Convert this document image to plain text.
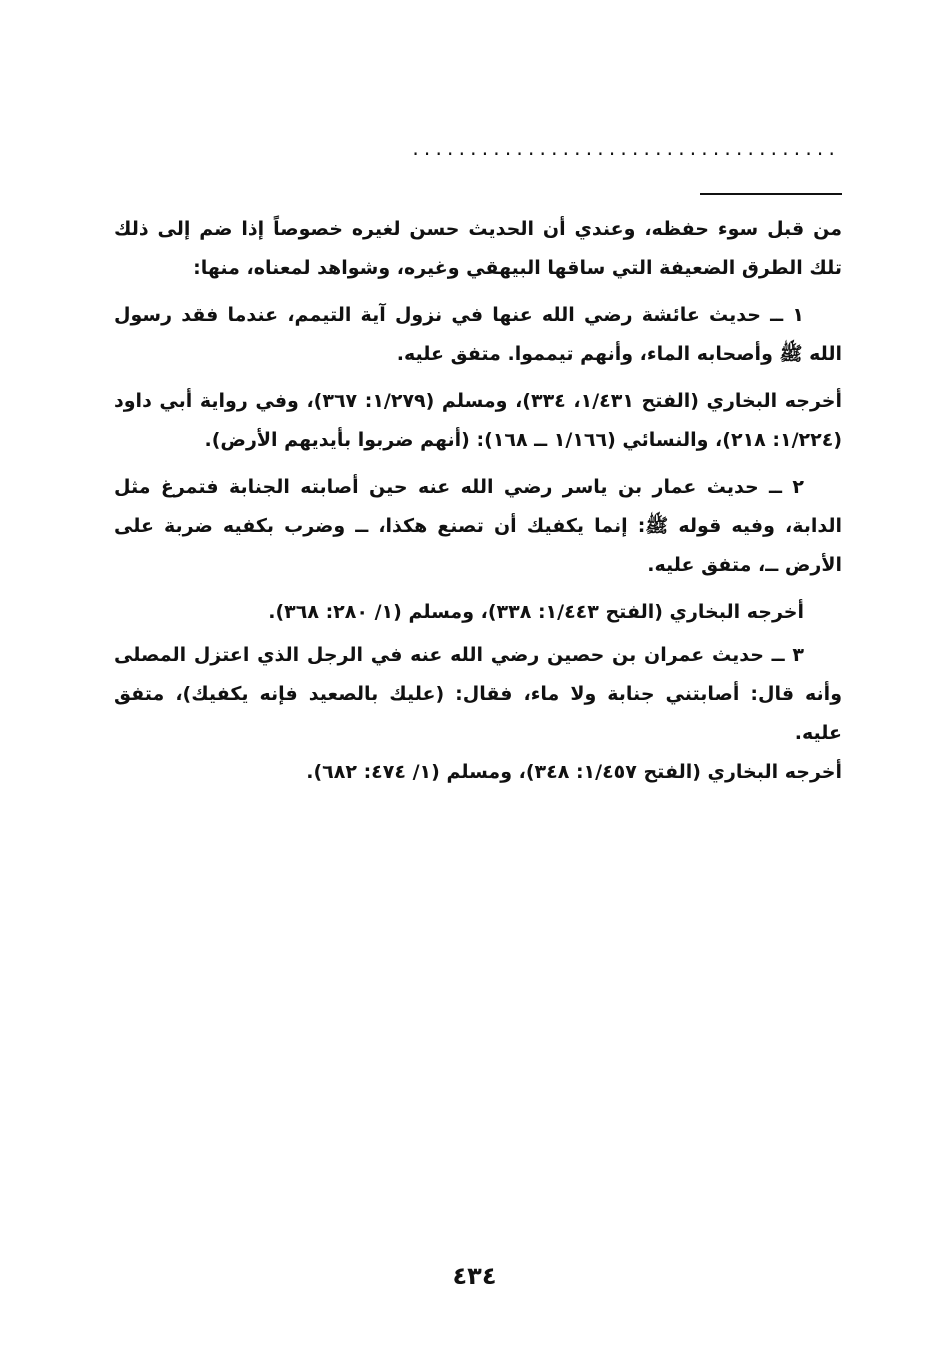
.....................................

من قبل سوء حفظه، وعندي أن الحديث حسن لغيره خصوصاً إذا ضم إلى ذلك تلك الطرق الضعيفة التي ساقها البيهقي وغيره، وشواهد لمعناه، منها:

١ ــ حديث عائشة رضي الله عنها في نزول آية التيمم، عندما فقد رسول الله ﷺ وأصحابه الماء، وأنهم تيمموا. متفق عليه.

أخرجه البخاري (الفتح ١/٤٣١، ٣٣٤)، ومسلم (١/٢٧٩: ٣٦٧)، وفي رواية أبي داود (١/٢٢٤: ٢١٨)، والنسائي (١/١٦٦ ــ ١٦٨): (أنهم ضربوا بأيديهم الأرض).

٢ ــ حديث عمار بن ياسر رضي الله عنه حين أصابته الجنابة فتمرغ مثل الدابة، وفيه قوله ﷺ: إنما يكفيك أن تصنع هكذا، ــ وضرب بكفيه ضربة على الأرض ــ، متفق عليه.

أخرجه البخاري (الفتح ١/٤٤٣: ٣٣٨)، ومسلم (١/ ٢٨٠: ٣٦٨).

٣ ــ حديث عمران بن حصين رضي الله عنه في الرجل الذي اعتزل المصلى وأنه قال: أصابتني جنابة ولا ماء، فقال: (عليك بالصعيد فإنه يكفيك)، متفق عليه.

أخرجه البخاري (الفتح ١/٤٥٧: ٣٤٨)، ومسلم (١/ ٤٧٤: ٦٨٢).

٤٣٤
